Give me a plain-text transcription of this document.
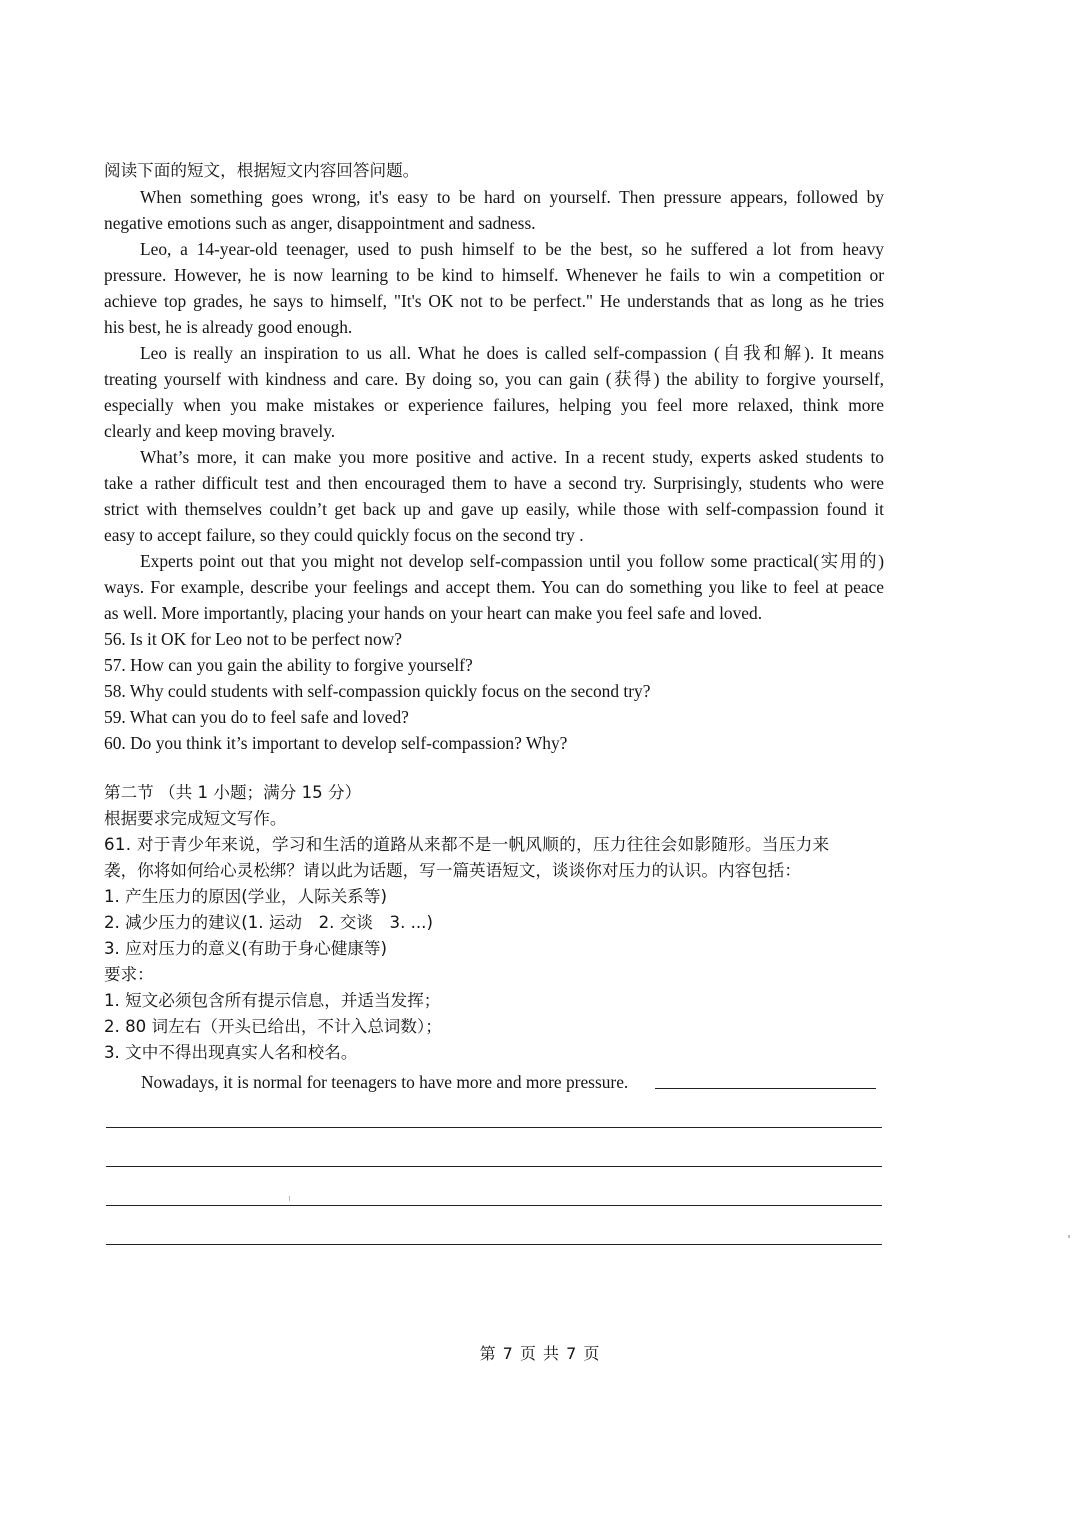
阅读下面的短文，根据短文内容回答问题。
When something goes wrong, it's easy to be hard on yourself. Then pressure appears, followed by
negative emotions such as anger, disappointment and sadness.
Leo, a 14-year-old teenager, used to push himself to be the best, so he suffered a lot from heavy
pressure. However, he is now learning to be kind to himself. Whenever he fails to win a competition or
achieve top grades, he says to himself, "It's OK not to be perfect." He understands that as long as he tries
his best, he is already good enough.
Leo is really an inspiration to us all. What he does is called self-compassion (自我和解). It means
treating yourself with kindness and care. By doing so, you can gain (获得) the ability to forgive yourself,
especially when you make mistakes or experience failures, helping you feel more relaxed, think more
clearly and keep moving bravely.
What’s more, it can make you more positive and active. In a recent study, experts asked students to
take a rather difficult test and then encouraged them to have a second try. Surprisingly, students who were
strict with themselves couldn’t get back up and gave up easily, while those with self-compassion found it
easy to accept failure, so they could quickly focus on the second try .
Experts point out that you might not develop self-compassion until you follow some practical(实用的)
ways. For example, describe your feelings and accept them. You can do something you like to feel at peace
as well. More importantly, placing your hands on your heart can make you feel safe and loved.
56. Is it OK for Leo not to be perfect now?
57. How can you gain the ability to forgive yourself?
58. Why could students with self-compassion quickly focus on the second try?
59. What can you do to feel safe and loved?
60. Do you think it’s important to develop self-compassion? Why?
第二节 （共 1 小题；满分 15 分）
根据要求完成短文写作。
61. 对于青少年来说，学习和生活的道路从来都不是一帆风顺的，压力往往会如影随形。当压力来
袭，你将如何给心灵松绑？请以此为话题，写一篇英语短文，谈谈你对压力的认识。内容包括：
1. 产生压力的原因(学业，人际关系等)
2. 减少压力的建议(1. 运动　2. 交谈　3. ...)
3. 应对压力的意义(有助于身心健康等)
要求：
1. 短文必须包含所有提示信息，并适当发挥；
2. 80 词左右（开头已给出，不计入总词数）；
3. 文中不得出现真实人名和校名。
Nowadays, it is normal for teenagers to have more and more pressure.
第 7 页 共 7 页
